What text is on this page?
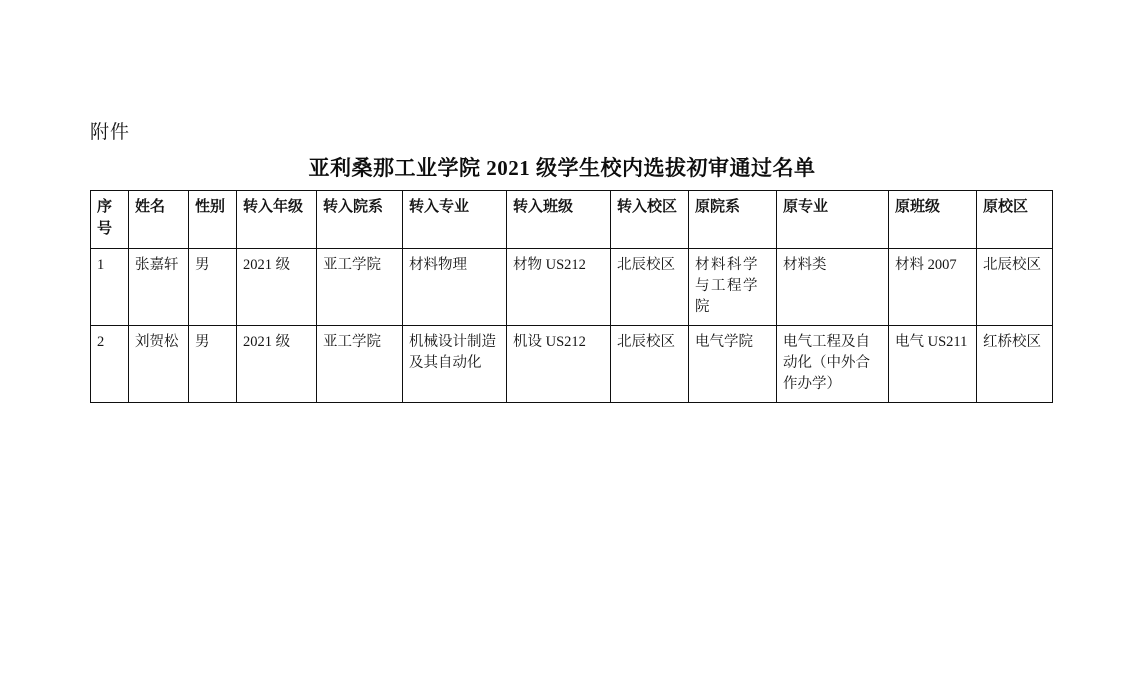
附件
亚利桑那工业学院 2021 级学生校内选拔初审通过名单
序号	姓名	性别	转入年级	转入院系	转入专业	转入班级	转入校区	原院系	原专业	原班级	原校区
1	张嘉轩	男	2021 级	亚工学院	材料物理	材物 US212	北辰校区	材料科学与工程学院	材料类	材料 2007	北辰校区
2	刘贺松	男	2021 级	亚工学院	机械设计制造及其自动化	机设 US212	北辰校区	电气学院	电气工程及自动化（中外合作办学）	电气 US211	红桥校区
